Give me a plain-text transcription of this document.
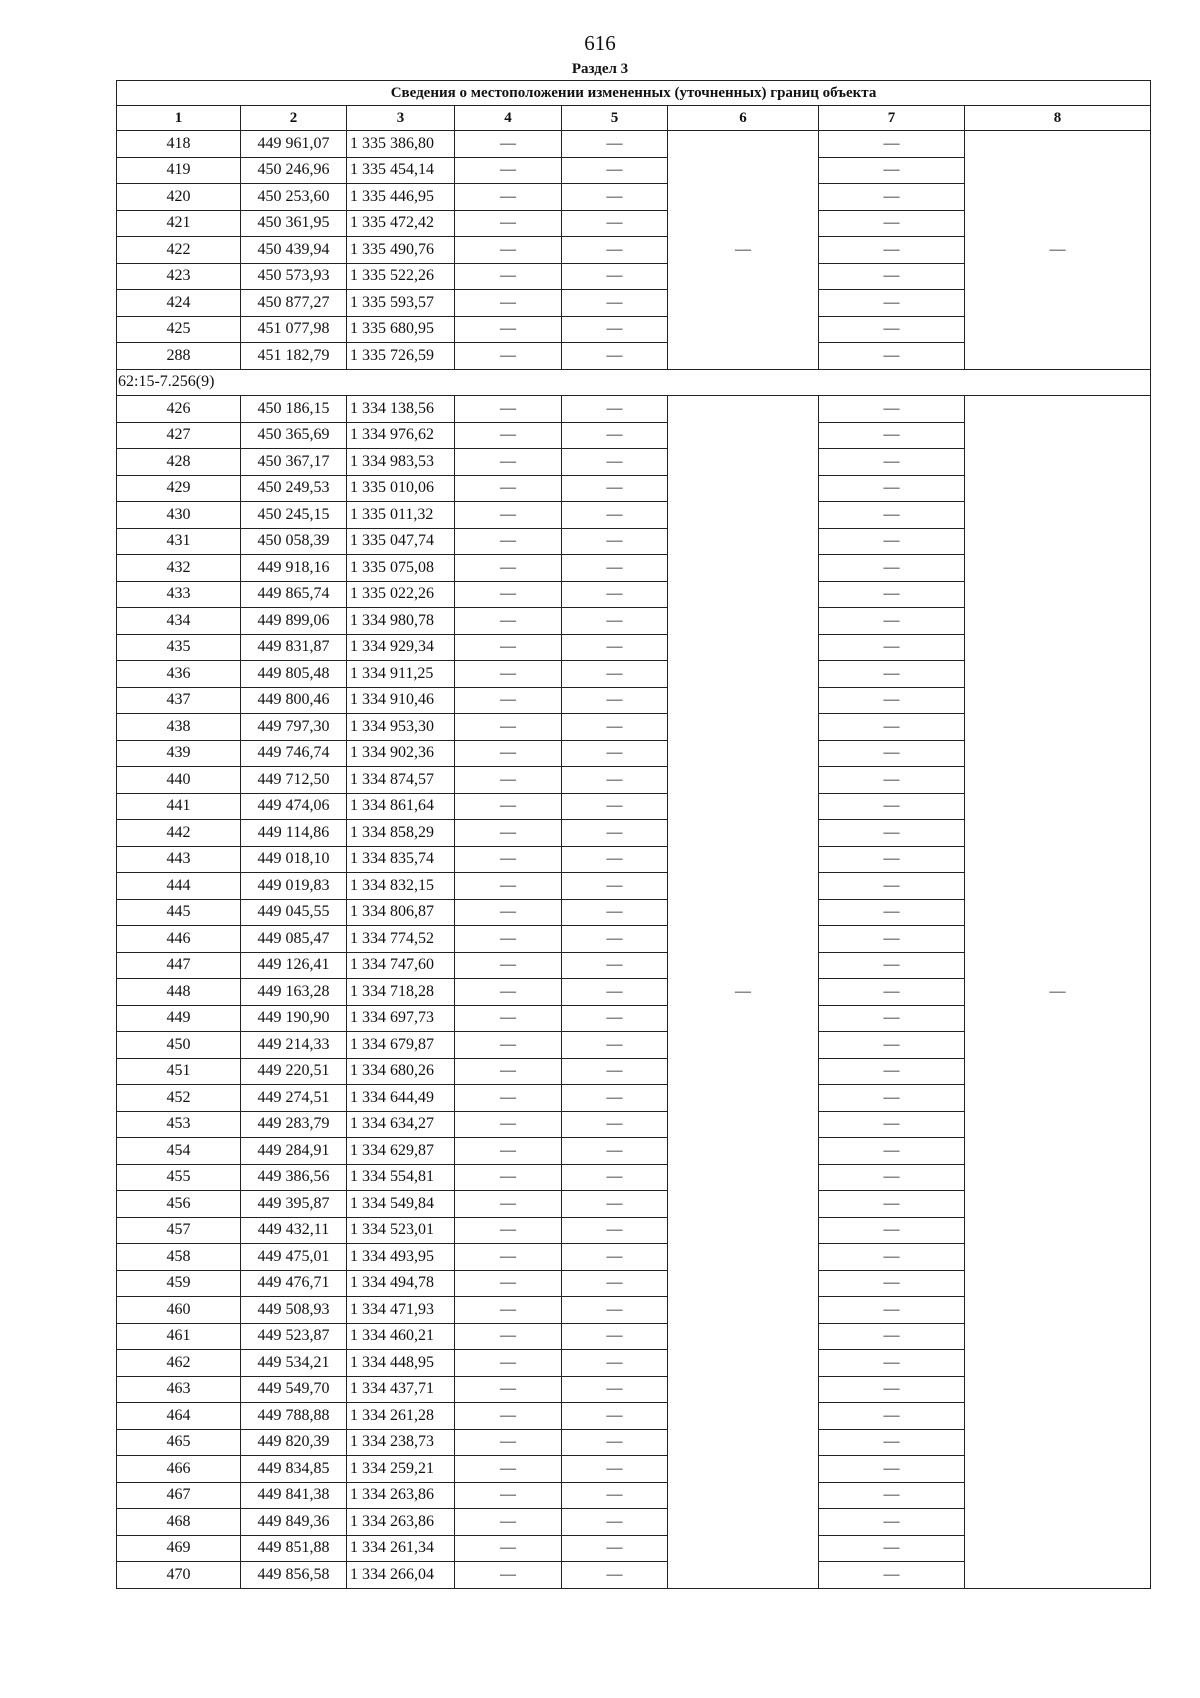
616
Раздел 3
Сведения о местоположении измененных (уточненных) границ объекта							
1	2	3	4	5	6	7	8
418	449 961,07	1 335 386,80	—	—	—	—	—
419	450 246,96	1 335 454,14	—	—		—	
420	450 253,60	1 335 446,95	—	—		—	
421	450 361,95	1 335 472,42	—	—		—	
422	450 439,94	1 335 490,76	—	—		—	
423	450 573,93	1 335 522,26	—	—		—	
424	450 877,27	1 335 593,57	—	—		—	
425	451 077,98	1 335 680,95	—	—		—	
288	451 182,79	1 335 726,59	—	—		—	
62:15-7.256(9)							
426	450 186,15	1 334 138,56	—	—	—	—	—
427	450 365,69	1 334 976,62	—	—		—	
428	450 367,17	1 334 983,53	—	—		—	
429	450 249,53	1 335 010,06	—	—		—	
430	450 245,15	1 335 011,32	—	—		—	
431	450 058,39	1 335 047,74	—	—		—	
432	449 918,16	1 335 075,08	—	—		—	
433	449 865,74	1 335 022,26	—	—		—	
434	449 899,06	1 334 980,78	—	—		—	
435	449 831,87	1 334 929,34	—	—		—	
436	449 805,48	1 334 911,25	—	—		—	
437	449 800,46	1 334 910,46	—	—		—	
438	449 797,30	1 334 953,30	—	—		—	
439	449 746,74	1 334 902,36	—	—		—	
440	449 712,50	1 334 874,57	—	—		—	
441	449 474,06	1 334 861,64	—	—		—	
442	449 114,86	1 334 858,29	—	—		—	
443	449 018,10	1 334 835,74	—	—		—	
444	449 019,83	1 334 832,15	—	—		—	
445	449 045,55	1 334 806,87	—	—		—	
446	449 085,47	1 334 774,52	—	—		—	
447	449 126,41	1 334 747,60	—	—		—	
448	449 163,28	1 334 718,28	—	—		—	
449	449 190,90	1 334 697,73	—	—		—	
450	449 214,33	1 334 679,87	—	—		—	
451	449 220,51	1 334 680,26	—	—		—	
452	449 274,51	1 334 644,49	—	—		—	
453	449 283,79	1 334 634,27	—	—		—	
454	449 284,91	1 334 629,87	—	—		—	
455	449 386,56	1 334 554,81	—	—		—	
456	449 395,87	1 334 549,84	—	—		—	
457	449 432,11	1 334 523,01	—	—		—	
458	449 475,01	1 334 493,95	—	—		—	
459	449 476,71	1 334 494,78	—	—		—	
460	449 508,93	1 334 471,93	—	—		—	
461	449 523,87	1 334 460,21	—	—		—	
462	449 534,21	1 334 448,95	—	—		—	
463	449 549,70	1 334 437,71	—	—		—	
464	449 788,88	1 334 261,28	—	—		—	
465	449 820,39	1 334 238,73	—	—		—	
466	449 834,85	1 334 259,21	—	—		—	
467	449 841,38	1 334 263,86	—	—		—	
468	449 849,36	1 334 263,86	—	—		—	
469	449 851,88	1 334 261,34	—	—		—	
470	449 856,58	1 334 266,04	—	—		—	
